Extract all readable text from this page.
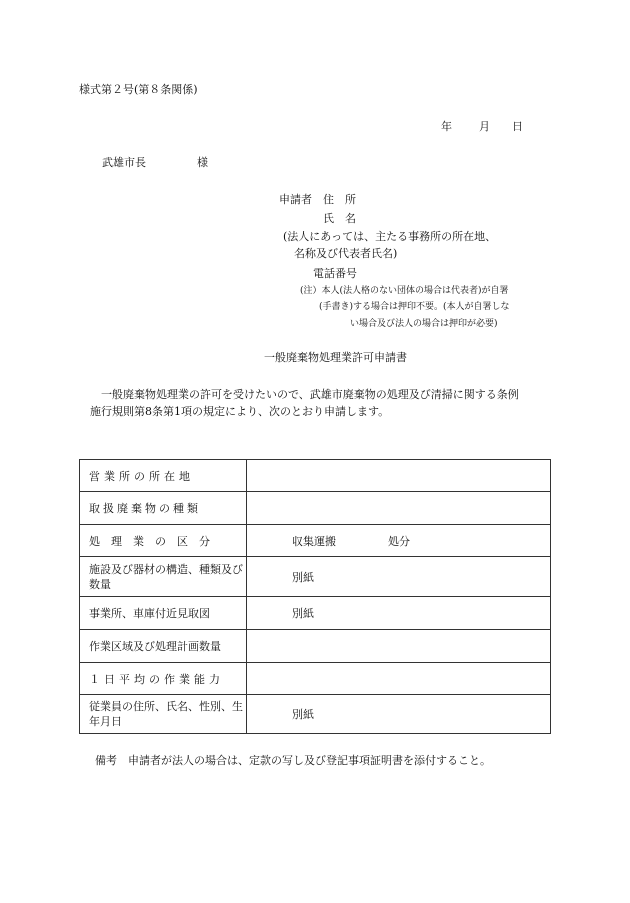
様式第２号(第８条関係)
年 月 日
武雄市長	様
申請者 住　所
氏　名
(法人にあっては、主たる事務所の所在地、
名称及び代表者氏名)
電話番号
(注）本人(法人格のない団体の場合は代表者)が自署
(手書き)する場合は押印不要。(本人が自署しな
い場合及び法人の場合は押印が必要)
一般廃棄物処理業許可申請書
一般廃棄物処理業の許可を受けたいので、武雄市廃棄物の処理及び清掃に関する条例
施行規則第8条第1項の規定により、次のとおり申請します。
営業所の所在地	
取扱廃棄物の種類	
処理業の区分	収集運搬 処分
施設及び器材の構造、種類及び数量	別紙
事業所、車庫付近見取図	別紙
作業区域及び処理計画数量	
１日平均の作業能力	
従業員の住所、氏名、性別、生年月日	別紙
備考　申請者が法人の場合は、定款の写し及び登記事項証明書を添付すること。
